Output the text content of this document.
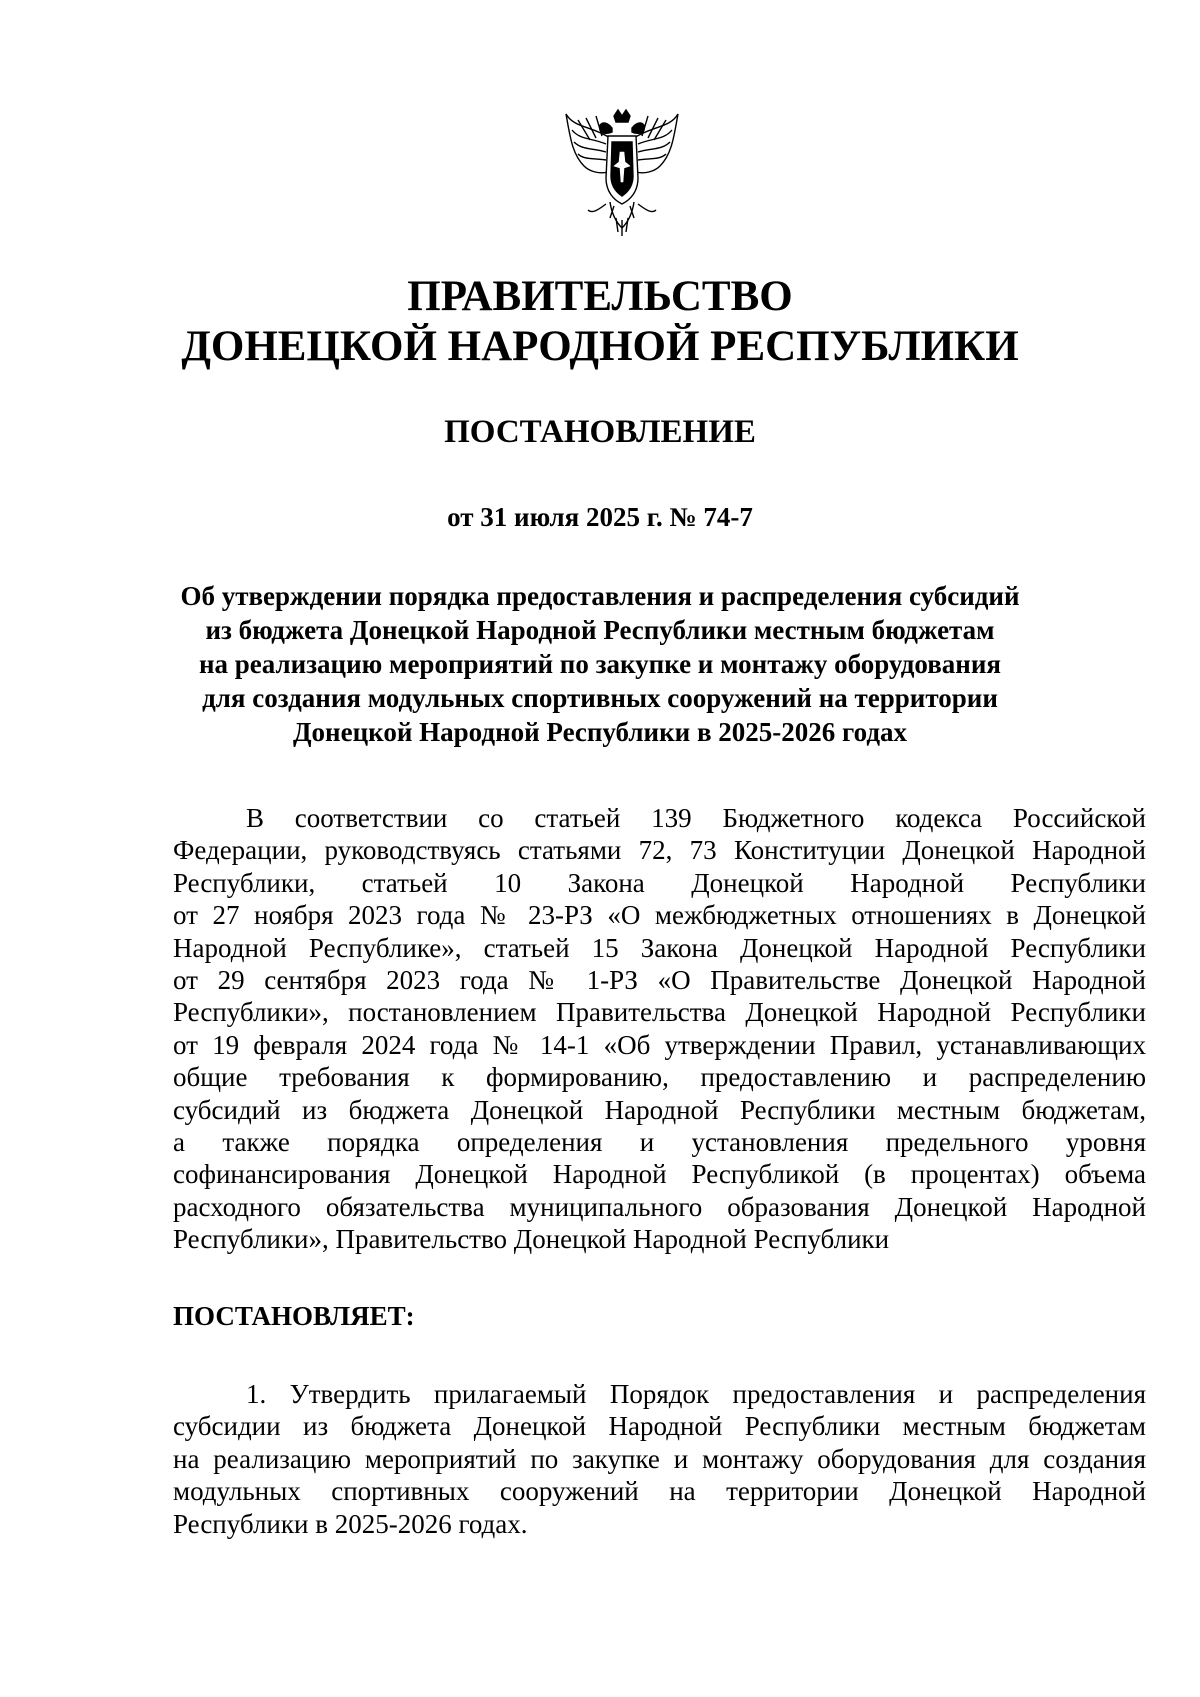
ПРАВИТЕЛЬСТВО
ДОНЕЦКОЙ НАРОДНОЙ РЕСПУБЛИКИ
ПОСТАНОВЛЕНИЕ
от 31 июля 2025 г. № 74-7
Об утверждении порядка предоставления и распределения субсидий
из бюджета Донецкой Народной Республики местным бюджетам
на реализацию мероприятий по закупке и монтажу оборудования
для создания модульных спортивных сооружений на территории
Донецкой Народной Республики в 2025-2026 годах
В соответствии со статьей 139 Бюджетного кодекса Российской
Федерации, руководствуясь статьями 72, 73 Конституции Донецкой Народной
Республики, статьей 10 Закона Донецкой Народной Республики
от 27 ноября 2023 года № 23-РЗ «О межбюджетных отношениях в Донецкой
Народной Республике», статьей 15 Закона Донецкой Народной Республики
от 29 сентября 2023 года № 1-РЗ «О Правительстве Донецкой Народной
Республики», постановлением Правительства Донецкой Народной Республики
от 19 февраля 2024 года № 14-1 «Об утверждении Правил, устанавливающих
общие требования к формированию, предоставлению и распределению
субсидий из бюджета Донецкой Народной Республики местным бюджетам,
а также порядка определения и установления предельного уровня
софинансирования Донецкой Народной Республикой (в процентах) объема
расходного обязательства муниципального образования Донецкой Народной
Республики», Правительство Донецкой Народной Республики
ПОСТАНОВЛЯЕТ:
1. Утвердить прилагаемый Порядок предоставления и распределения
субсидии из бюджета Донецкой Народной Республики местным бюджетам
на реализацию мероприятий по закупке и монтажу оборудования для создания
модульных спортивных сооружений на территории Донецкой Народной
Республики в 2025-2026 годах.
